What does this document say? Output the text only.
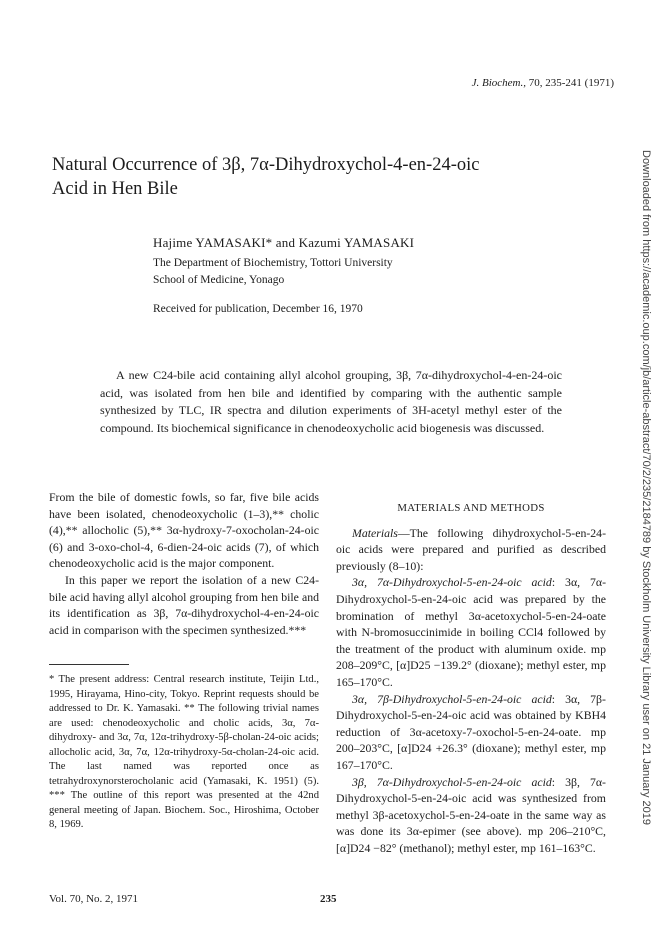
J. Biochem., 70, 235-241 (1971)
Natural Occurrence of 3β, 7α-Dihydroxychol-4-en-24-oic
Acid in Hen Bile
Hajime YAMASAKI* and Kazumi YAMASAKI
The Department of Biochemistry, Tottori University
School of Medicine, Yonago
Received for publication, December 16, 1970

A new C24-bile acid containing allyl alcohol grouping, 3β, 7α-dihydroxychol-4-en-24-oic acid, was isolated from hen bile and identified by comparing with the authentic sample synthesized by TLC, IR spectra and dilution experiments of 3H-acetyl methyl ester of the compound. Its biochemical significance in chenodeoxycholic acid biogenesis was discussed.

From the bile of domestic fowls, so far, five bile acids have been isolated, chenodeoxycholic (1–3),** cholic (4),** allocholic (5),** 3α-hydroxy-7-oxocholan-24-oic (6) and 3-oxo-chol-4, 6-dien-24-oic acids (7), of which chenodeoxycholic acid is the major component.

In this paper we report the isolation of a new C24-bile acid having allyl alcohol grouping from hen bile and its identification as 3β, 7α-dihydroxychol-4-en-24-oic acid in comparison with the specimen synthesized.***

* The present address: Central research institute, Teijin Ltd., 1995, Hirayama, Hino-city, Tokyo. Reprint requests should be addressed to Dr. K. Yamasaki. ** The following trivial names are used: chenodeoxycholic and cholic acids, 3α, 7α-dihydroxy- and 3α, 7α, 12α-trihydroxy-5β-cholan-24-oic acids; allocholic acid, 3α, 7α, 12α-trihydroxy-5α-cholan-24-oic acid. The last named was reported once as tetrahydroxynorsterocholanic acid (Yamasaki, K. 1951) (5). *** The outline of this report was presented at the 42nd general meeting of Japan. Biochem. Soc., Hiroshima, October 8, 1969.

MATERIALS AND METHODS

Materials—The following dihydroxychol-5-en-24-oic acids were prepared and purified as described previously (8–10):

3α, 7α-Dihydroxychol-5-en-24-oic acid: 3α, 7α-Dihydroxychol-5-en-24-oic acid was prepared by the bromination of methyl 3α-acetoxychol-5-en-24-oate with N-bromosuccinimide in boiling CCl4 followed by the treatment of the product with aluminum oxide. mp 208–209°C, [α]D25 −139.2° (dioxane); methyl ester, mp 165–170°C.

3α, 7β-Dihydroxychol-5-en-24-oic acid: 3α, 7β-Dihydroxychol-5-en-24-oic acid was obtained by KBH4 reduction of 3α-acetoxy-7-oxochol-5-en-24-oate. mp 200–203°C, [α]D24 +26.3° (dioxane); methyl ester, mp 167–170°C.

3β, 7α-Dihydroxychol-5-en-24-oic acid: 3β, 7α-Dihydroxychol-5-en-24-oic acid was synthesized from methyl 3β-acetoxychol-5-en-24-oate in the same way as was done its 3α-epimer (see above). mp 206–210°C, [α]D24 −82° (methanol); methyl ester, mp 161–163°C.

Vol. 70, No. 2, 1971	235
Downloaded from https://academic.oup.com/jb/article-abstract/70/2/235/2184789 by Stockholm University Library user on 21 January 2019
